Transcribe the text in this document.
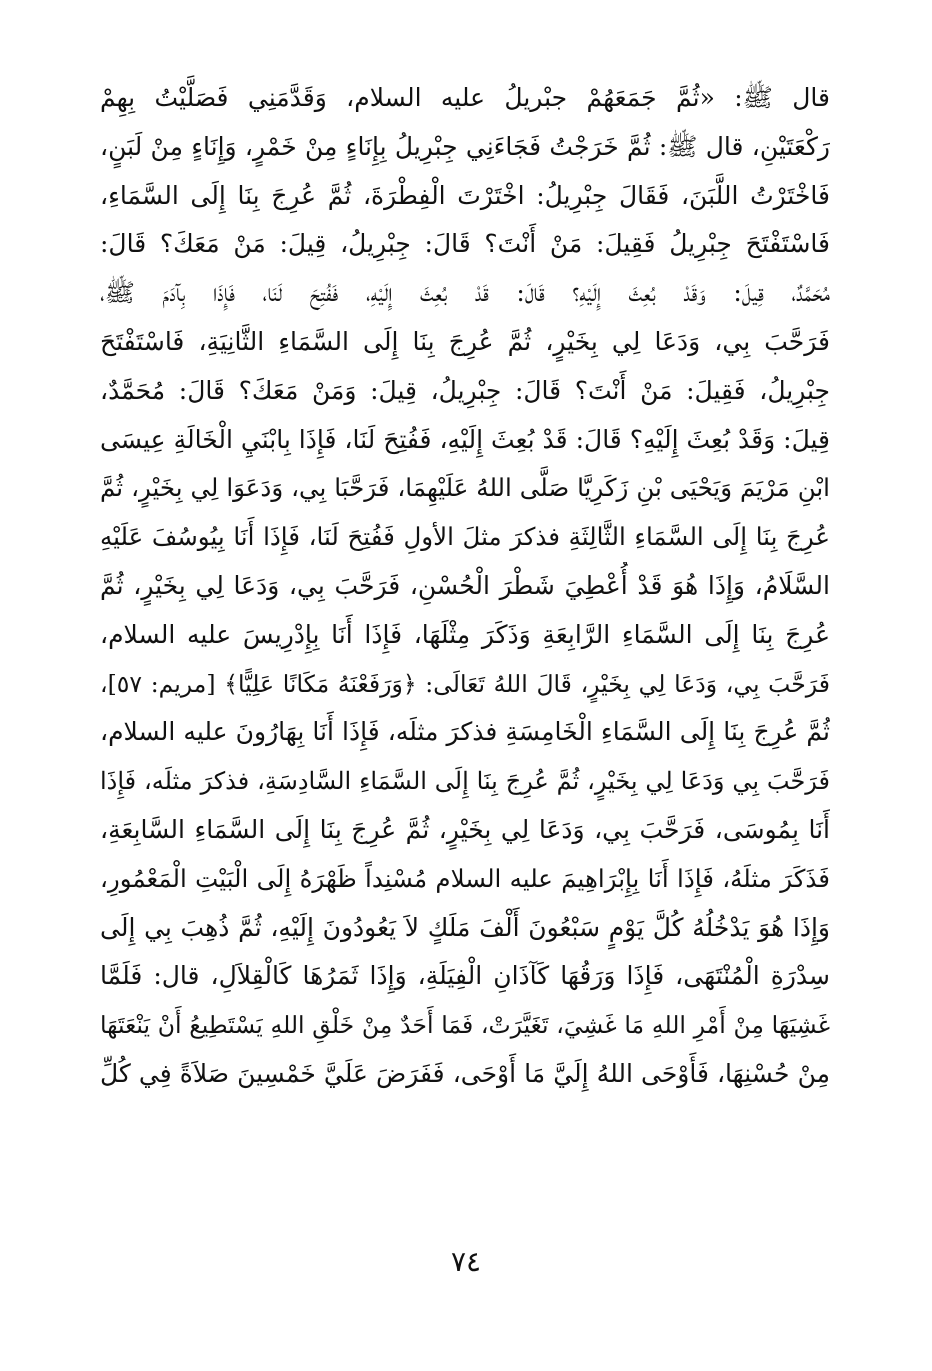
قال ﷺ: «ثُمَّ جَمَعَهُمْ جبْريلُ عليه السلام، وَقَدَّمَنِي فَصَلَّيْتُ بِهِمْ
رَكْعَتَيْنِ، قال ﷺ: ثُمَّ خَرَجْتُ فَجَاءَنِي جِبْرِيلُ بِإِنَاءٍ مِنْ خَمْرٍ، وَإِنَاءٍ مِنْ لَبَنٍ،
فَاخْتَرْتُ اللَّبَنَ، فَقَالَ جِبْرِيلُ: اخْتَرْتَ الْفِطْرَةَ، ثُمَّ عُرِجَ بِنَا إِلَى السَّمَاءِ،
فَاسْتَفْتَحَ جِبْرِيلُ فَقِيلَ: مَنْ أَنْتَ؟ قَالَ: جِبْرِيلُ، قِيلَ: مَنْ مَعَكَ؟ قَالَ:
مُحَمَّدٌ، قِيلَ: وَقَدْ بُعِثَ إِلَيْهِ؟ قَالَ: قَدْ بُعِثَ إِلَيْهِ، فَفُتِحَ لَنَا، فَإِذَا بِآدَمَ ﷺ،
فَرَحَّبَ بِي، وَدَعَا لِي بِخَيْرٍ، ثُمَّ عُرِجَ بِنَا إِلَى السَّمَاءِ الثَّانِيَةِ، فَاسْتَفْتَحَ
جِبْرِيلُ، فَقِيلَ: مَنْ أَنْتَ؟ قَالَ: جِبْرِيلُ، قِيلَ: وَمَنْ مَعَكَ؟ قَالَ: مُحَمَّدٌ،
قِيلَ: وَقَدْ بُعِثَ إِلَيْهِ؟ قَالَ: قَدْ بُعِثَ إِلَيْهِ، فَفُتِحَ لَنَا، فَإِذَا بِابْنَيِ الْخَالَةِ عِيسَى
ابْنِ مَرْيَمَ وَيَحْيَى بْنِ زَكَرِيَّا صَلَّى اللهُ عَلَيْهِمَا، فَرَحَّبَا بِي، وَدَعَوَا لِي بِخَيْرٍ، ثُمَّ
عُرِجَ بِنَا إِلَى السَّمَاءِ الثَّالِثَةِ فذكرَ مثلَ الأولِ فَفُتِحَ لَنَا، فَإِذَا أَنَا بِيُوسُفَ عَلَيْهِ
السَّلَامُ، وَإِذَا هُوَ قَدْ أُعْطِيَ شَطْرَ الْحُسْنِ، فَرَحَّبَ بِي، وَدَعَا لِي بِخَيْرٍ، ثُمَّ
عُرِجَ بِنَا إِلَى السَّمَاءِ الرَّابِعَةِ وَذَكَرَ مِثْلَهَا، فَإِذَا أَنَا بِإِدْرِيسَ عليه السلام،
فَرَحَّبَ بِي، وَدَعَا لِي بِخَيْرٍ، قَالَ اللهُ تَعَالَى: ﴿وَرَفَعْنَهُ مَكَانًا عَلِيًّا﴾ [مريم: ٥٧]،
ثُمَّ عُرِجَ بِنَا إِلَى السَّمَاءِ الْخَامِسَةِ فذكرَ مثلَه، فَإِذَا أَنَا بِهَارُونَ عليه السلام،
فَرَحَّبَ بِي وَدَعَا لِي بِخَيْرٍ، ثُمَّ عُرِجَ بِنَا إِلَى السَّمَاءِ السَّادِسَةِ، فذكرَ مثلَه، فَإِذَا
أَنَا بِمُوسَى، فَرَحَّبَ بِي، وَدَعَا لِي بِخَيْرٍ، ثُمَّ عُرِجَ بِنَا إِلَى السَّمَاءِ السَّابِعَةِ،
فَذَكَرَ مثلَهُ، فَإِذَا أَنَا بِإِبْرَاهِيمَ عليه السلام مُسْنِداً ظَهْرَهُ إِلَى الْبَيْتِ الْمَعْمُورِ،
وَإِذَا هُوَ يَدْخُلُهُ كُلَّ يَوْمٍ سَبْعُونَ أَلْفَ مَلَكٍ لاَ يَعُودُونَ إِلَيْهِ، ثُمَّ ذُهِبَ بِي إِلَى
سِدْرَةِ الْمُنْتَهَى، فَإِذَا وَرَقُهَا كَآذَانِ الْفِيَلَةِ، وَإِذَا ثَمَرُهَا كَالْقِلاَلِ، قال: فَلَمَّا
غَشِيَهَا مِنْ أَمْرِ اللهِ مَا غَشِيَ، تَغَيَّرَتْ، فَمَا أَحَدٌ مِنْ خَلْقِ اللهِ يَسْتَطِيعُ أَنْ يَنْعَتَهَا
مِنْ حُسْنِهَا، فَأَوْحَى اللهُ إِلَيَّ مَا أَوْحَى، فَفَرَضَ عَلَيَّ خَمْسِينَ صَلاَةً فِي كُلِّ
٧٤
